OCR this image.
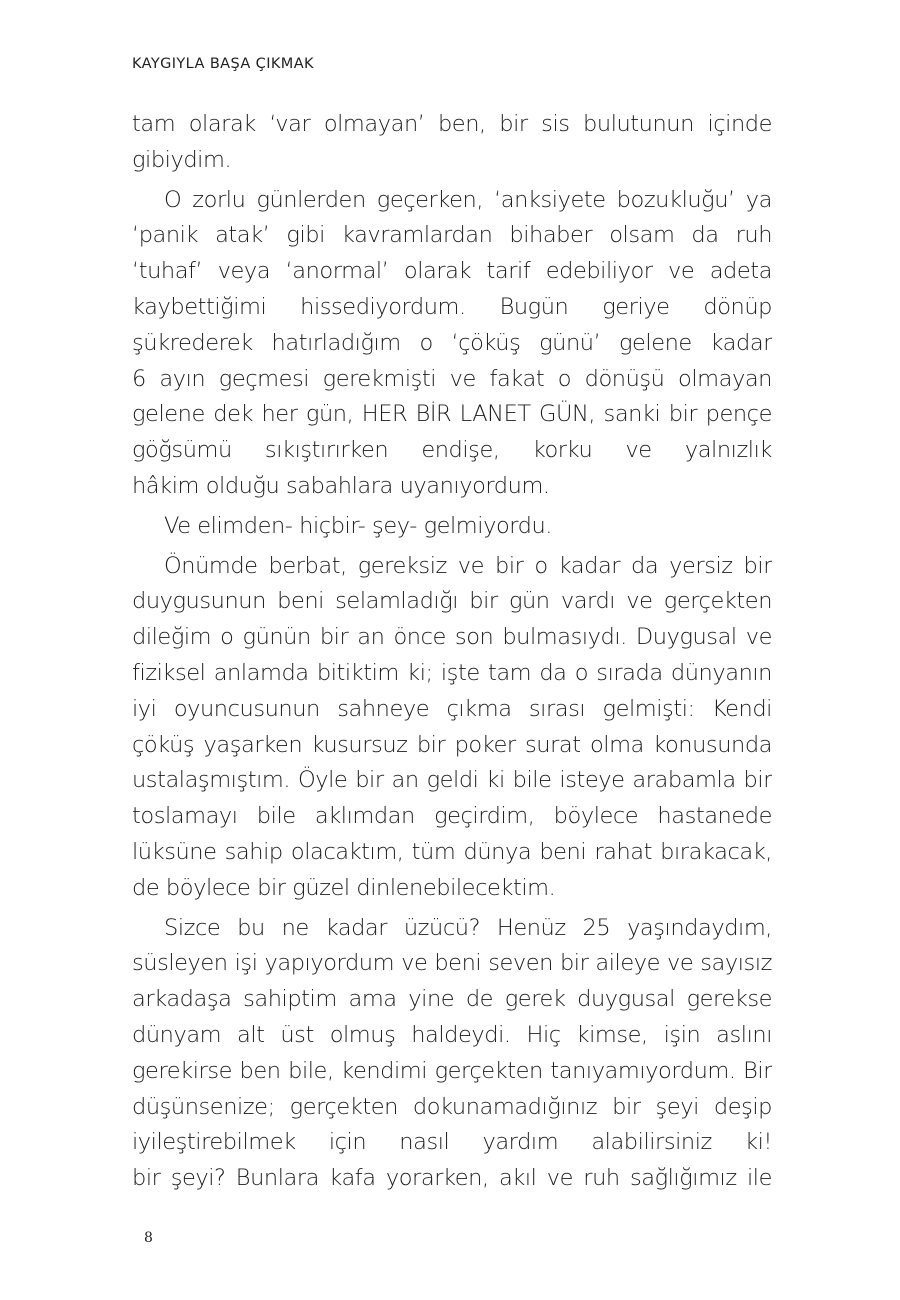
KAYGIYLA BAŞA ÇIKMAK
tam olarak ‘var olmayan’ ben, bir sis bulutunun içinde
gibiydim.
O zorlu günlerden geçerken, ‘anksiyete bozukluğu’ ya
‘panik atak’ gibi kavramlardan bihaber olsam da ruh
‘tuhaf’ veya ‘anormal’ olarak tarif edebiliyor ve adeta
kaybettiğimi hissediyordum. Bugün geriye dönüp
şükrederek hatırladığım o ‘çöküş günü’ gelene kadar
6 ayın geçmesi gerekmişti ve fakat o dönüşü olmayan
gelene dek her gün, HER BİR LANET GÜN, sanki bir pençe
göğsümü sıkıştırırken endişe, korku ve yalnızlık
hâkim olduğu sabahlara uyanıyordum.
Ve elimden- hiçbir- şey- gelmiyordu.
Önümde berbat, gereksiz ve bir o kadar da yersiz bir
duygusunun beni selamladığı bir gün vardı ve gerçekten
dileğim o günün bir an önce son bulmasıydı. Duygusal ve
fiziksel anlamda bitiktim ki; işte tam da o sırada dünyanın
iyi oyuncusunun sahneye çıkma sırası gelmişti: Kendi
çöküş yaşarken kusursuz bir poker surat olma konusunda
ustalaşmıştım. Öyle bir an geldi ki bile isteye arabamla bir
toslamayı bile aklımdan geçirdim, böylece hastanede
lüksüne sahip olacaktım, tüm dünya beni rahat bırakacak,
de böylece bir güzel dinlenebilecektim.
Sizce bu ne kadar üzücü? Henüz 25 yaşındaydım,
süsleyen işi yapıyordum ve beni seven bir aileye ve sayısız
arkadaşa sahiptim ama yine de gerek duygusal gerekse
dünyam alt üst olmuş haldeydi. Hiç kimse, işin aslını
gerekirse ben bile, kendimi gerçekten tanıyamıyordum. Bir
düşünsenize; gerçekten dokunamadığınız bir şeyi deşip
iyileştirebilmek için nasıl yardım alabilirsiniz ki!
bir şeyi? Bunlara kafa yorarken, akıl ve ruh sağlığımız ile
8
